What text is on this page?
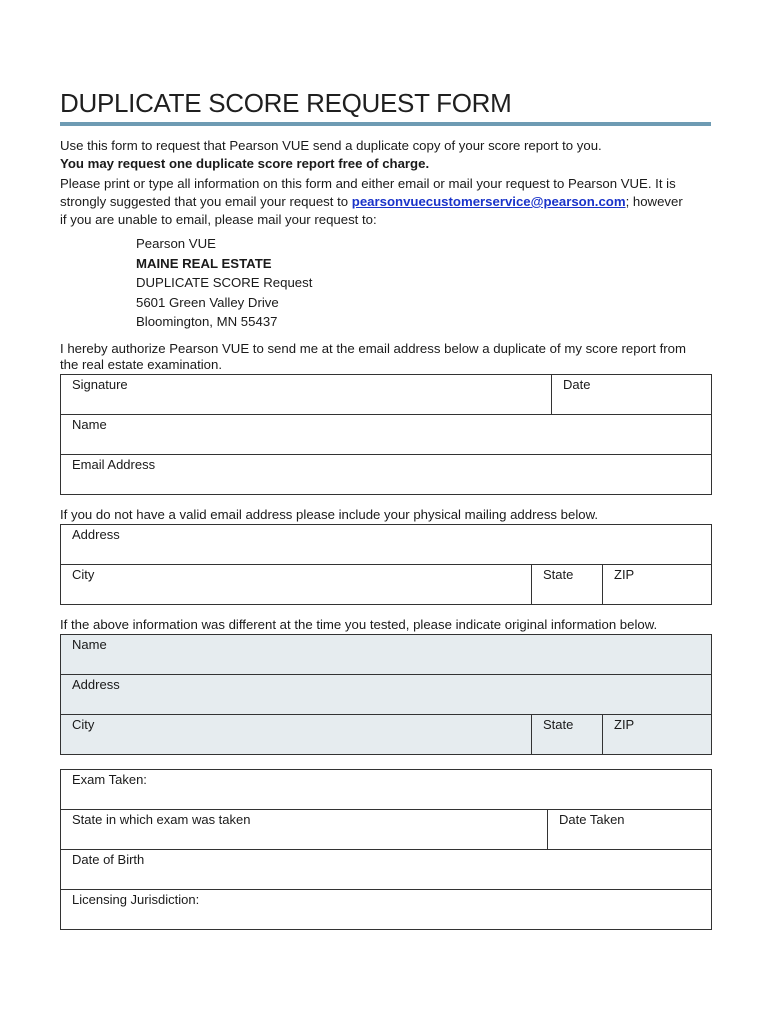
DUPLICATE SCORE REQUEST FORM
Use this form to request that Pearson VUE send a duplicate copy of your score report to you.
You may request one duplicate score report free of charge.
Please print or type all information on this form and either email or mail your request to Pearson VUE. It is
strongly suggested that you email your request to pearsonvuecustomerservice@pearson.com; however
if you are unable to email, please mail your request to:
Pearson VUE
MAINE REAL ESTATE
DUPLICATE SCORE Request
5601 Green Valley Drive
Bloomington, MN 55437
I hereby authorize Pearson VUE to send me at the email address below a duplicate of my score report from
the real estate examination.
Signature	Date

Name

Email Address
If you do not have a valid email address please include your physical mailing address below.
Address

City	State	ZIP
If the above information was different at the time you tested, please indicate original information below.
Name

Address

City	State	ZIP
Exam Taken:

State in which exam was taken	Date Taken

Date of Birth

Licensing Jurisdiction:
